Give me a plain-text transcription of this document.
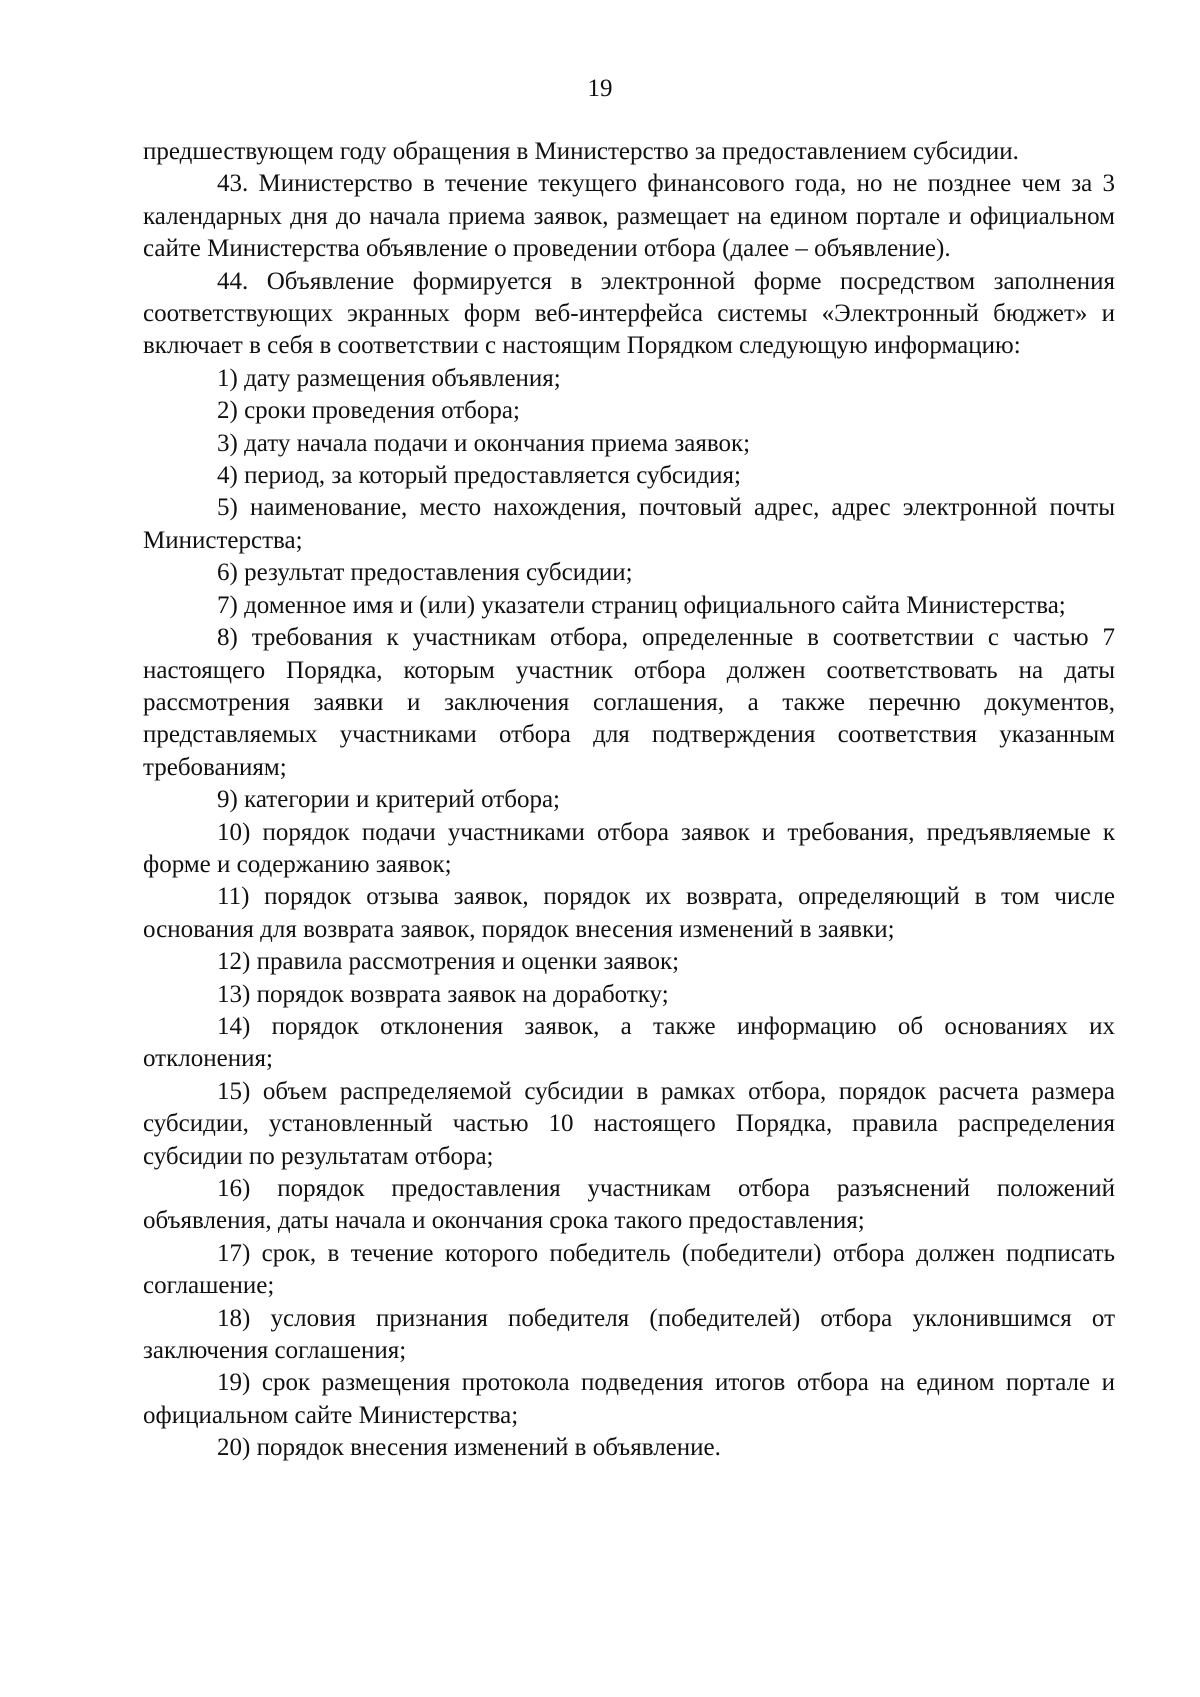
19

предшествующем году обращения в Министерство за предоставлением субсидии.

43. Министерство в течение текущего финансового года, но не позднее чем за 3 календарных дня до начала приема заявок, размещает на едином портале и официальном сайте Министерства объявление о проведении отбора (далее – объявление).

44. Объявление формируется в электронной форме посредством заполнения соответствующих экранных форм веб-интерфейса системы «Электронный бюджет» и включает в себя в соответствии с настоящим Порядком следующую информацию:

1) дату размещения объявления;

2) сроки проведения отбора;

3) дату начала подачи и окончания приема заявок;

4) период, за который предоставляется субсидия;

5) наименование, место нахождения, почтовый адрес, адрес электронной почты Министерства;

6) результат предоставления субсидии;

7) доменное имя и (или) указатели страниц официального сайта Министерства;

8) требования к участникам отбора, определенные в соответствии с частью 7 настоящего Порядка, которым участник отбора должен соответствовать на даты рассмотрения заявки и заключения соглашения, а также перечню документов, представляемых участниками отбора для подтверждения соответствия указанным требованиям;

9) категории и критерий отбора;

10) порядок подачи участниками отбора заявок и требования, предъявляемые к форме и содержанию заявок;

11) порядок отзыва заявок, порядок их возврата, определяющий в том числе основания для возврата заявок, порядок внесения изменений в заявки;

12) правила рассмотрения и оценки заявок;

13) порядок возврата заявок на доработку;

14) порядок отклонения заявок, а также информацию об основаниях их отклонения;

15) объем распределяемой субсидии в рамках отбора, порядок расчета размера субсидии, установленный частью 10 настоящего Порядка, правила распределения субсидии по результатам отбора;

16) порядок предоставления участникам отбора разъяснений положений объявления, даты начала и окончания срока такого предоставления;

17) срок, в течение которого победитель (победители) отбора должен подписать соглашение;

18) условия признания победителя (победителей) отбора уклонившимся от заключения соглашения;

19) срок размещения протокола подведения итогов отбора на едином портале и официальном сайте Министерства;

20) порядок внесения изменений в объявление.
